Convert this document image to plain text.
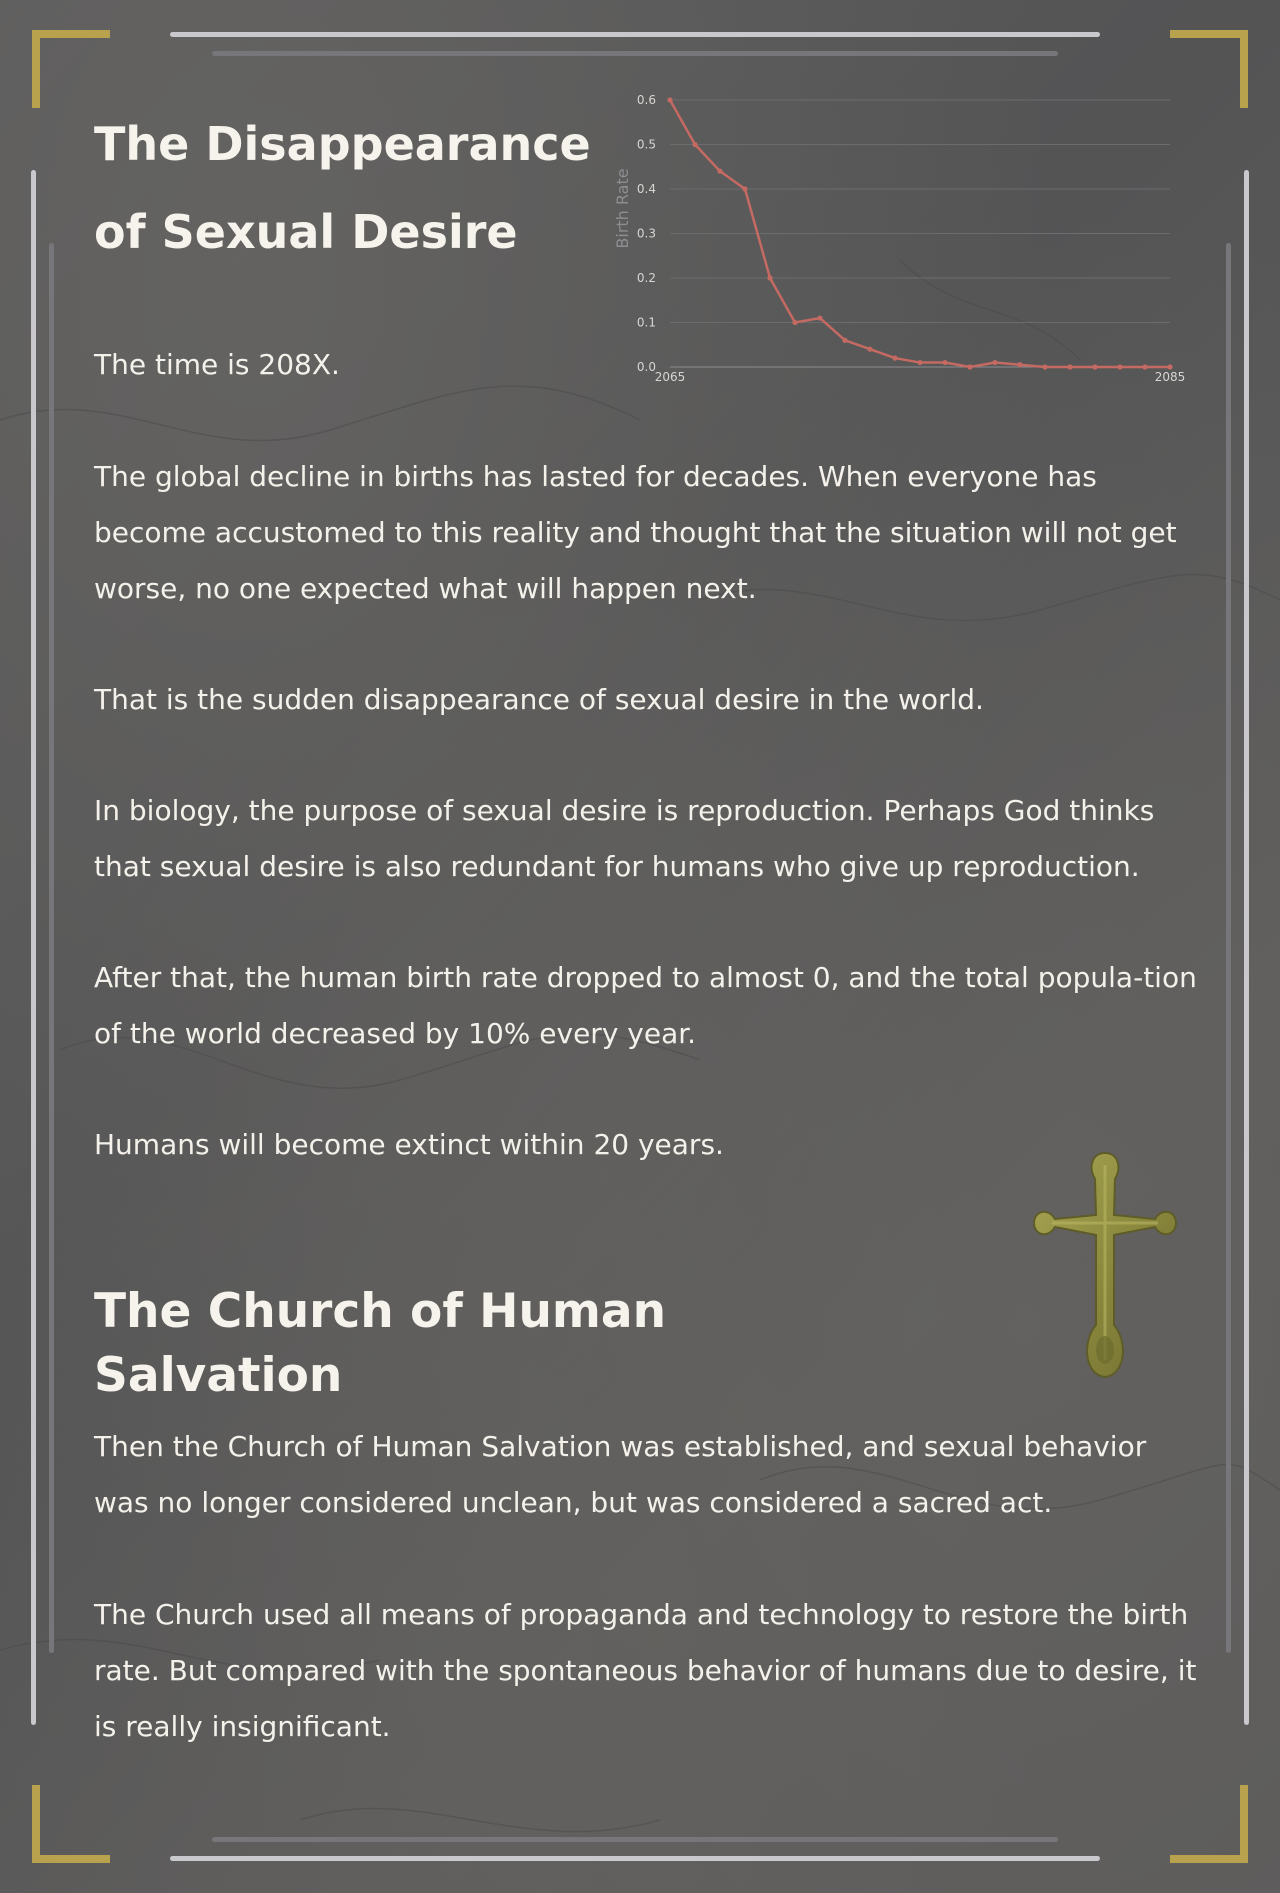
The Disappearance of Sexual Desire
0.0
0.1
0.2
0.3
0.4
0.5
0.6
2065	2085
Birth Rate

The time is 208X.

The global decline in births has lasted for decades. When everyone has become accustomed to this reality and thought that the situation will not get worse, no one expected what will happen next.

That is the sudden disappearance of sexual desire in the world.

In biology, the purpose of sexual desire is reproduction. Perhaps God thinks that sexual desire is also redundant for humans who give up reproduction.

After that, the human birth rate dropped to almost 0, and the total popula-tion of the world decreased by 10% every year.

Humans will become extinct within 20 years.

The Church of Human Salvation

Then the Church of Human Salvation was established, and sexual behavior was no longer considered unclean, but was considered a sacred act.

The Church used all means of propaganda and technology to restore the birth rate. But compared with the spontaneous behavior of humans due to desire, it is really insignificant.
